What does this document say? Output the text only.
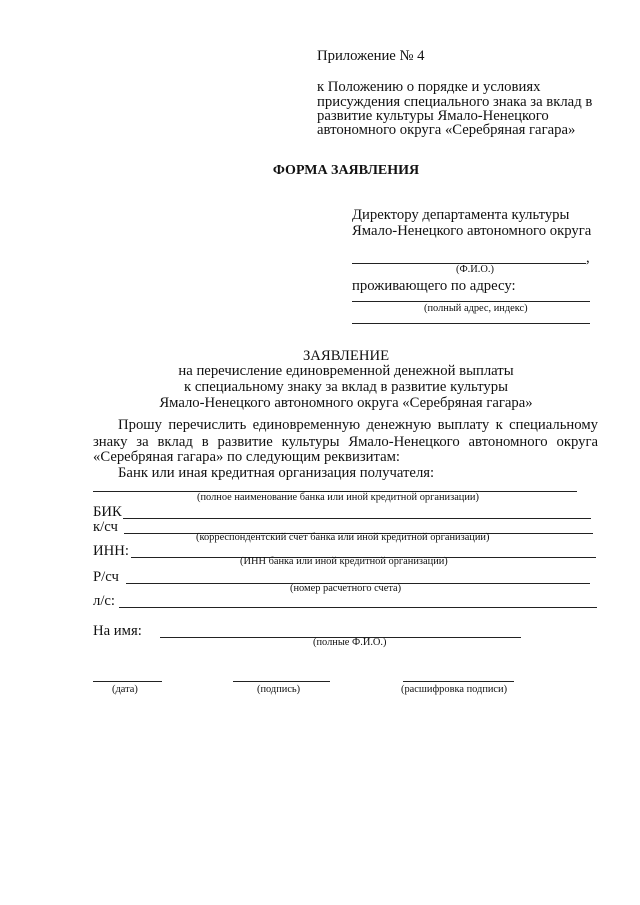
Приложение № 4
к Положению о порядке и условиях
присуждения специального знака за вклад в
развитие культуры Ямало-Ненецкого
автономного округа «Серебряная гагара»
ФОРМА ЗАЯВЛЕНИЯ
Директору департамента культуры
Ямало-Ненецкого автономного округа
,
(Ф.И.О.)
проживающего по адресу:
(полный адрес, индекс)
ЗАЯВЛЕНИЕ
на перечисление единовременной денежной выплаты
к специальному знаку за вклад в развитие культуры
Ямало-Ненецкого автономного округа «Серебряная гагара»
Прошу перечислить единовременную денежную выплату к специальному
знаку за вклад в развитие культуры Ямало-Ненецкого автономного округа
«Серебряная гагара» по следующим реквизитам:
Банк или иная кредитная организация получателя:
(полное наименование банка или иной кредитной организации)
БИК
к/сч
(корреспондентский счет банка или иной кредитной организации)
ИНН:
(ИНН банка или иной кредитной организации)
Р/сч
(номер расчетного счета)
л/с:
На имя:
(полные Ф.И.О.)
(дата)	(подпись)	(расшифровка подписи)
